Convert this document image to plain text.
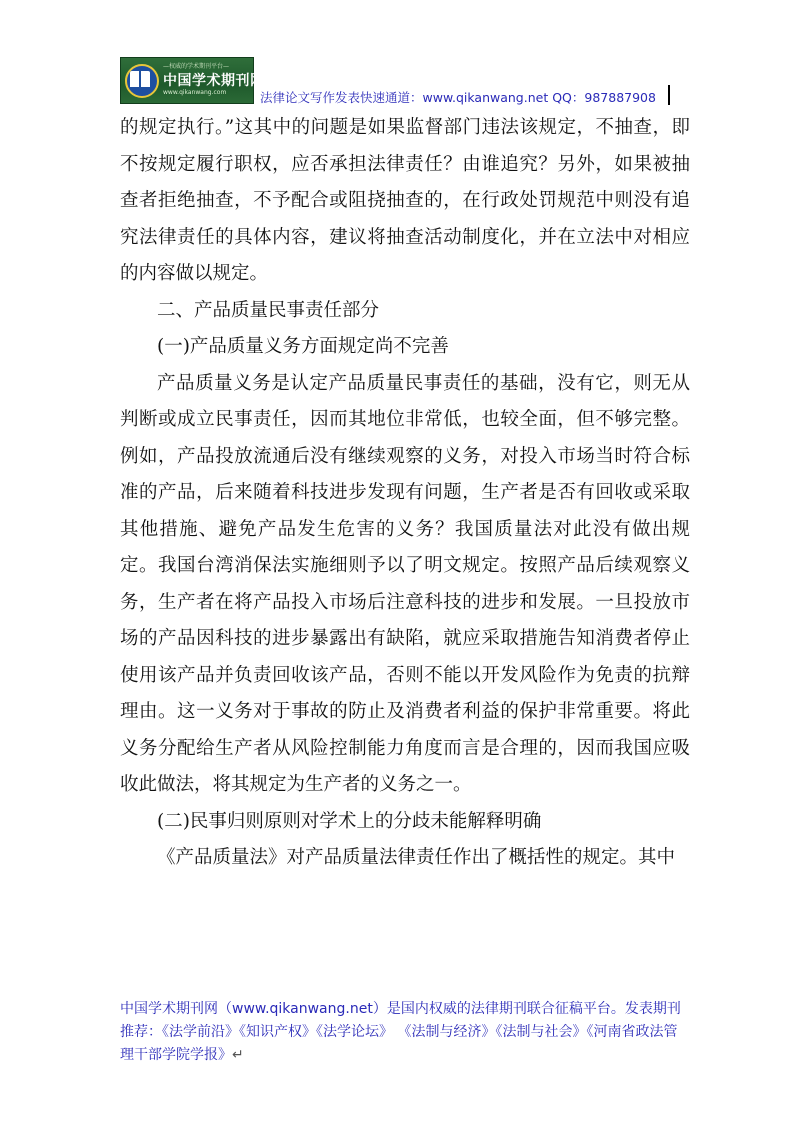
—权威的学术期刊平台—
中国学术期刊网
www.qikanwang.com	法律论文写作发表快速通道：www.qikanwang.net QQ：987887908

的规定执行。”这其中的问题是如果监督部门违法该规定，不抽查，即不按规定履行职权，应否承担法律责任？由谁追究？另外，如果被抽查者拒绝抽查，不予配合或阻挠抽查的，在行政处罚规范中则没有追究法律责任的具体内容，建议将抽查活动制度化，并在立法中对相应的内容做以规定。

二、产品质量民事责任部分

(一)产品质量义务方面规定尚不完善

产品质量义务是认定产品质量民事责任的基础，没有它，则无从判断或成立民事责任，因而其地位非常低，也较全面，但不够完整。例如，产品投放流通后没有继续观察的义务，对投入市场当时符合标准的产品，后来随着科技进步发现有问题，生产者是否有回收或采取其他措施、避免产品发生危害的义务？我国质量法对此没有做出规定。我国台湾消保法实施细则予以了明文规定。按照产品后续观察义务，生产者在将产品投入市场后注意科技的进步和发展。一旦投放市场的产品因科技的进步暴露出有缺陷，就应采取措施告知消费者停止使用该产品并负责回收该产品，否则不能以开发风险作为免责的抗辩理由。这一义务对于事故的防止及消费者利益的保护非常重要。将此义务分配给生产者从风险控制能力角度而言是合理的，因而我国应吸收此做法，将其规定为生产者的义务之一。

(二)民事归则原则对学术上的分歧未能解释明确

《产品质量法》对产品质量法律责任作出了概括性的规定。其中

中国学术期刊网（www.qikanwang.net）是国内权威的法律期刊联合征稿平台。发表期刊推荐：《法学前沿》《知识产权》《法学论坛》 《法制与经济》《法制与社会》《河南省政法管理干部学院学报》↵
